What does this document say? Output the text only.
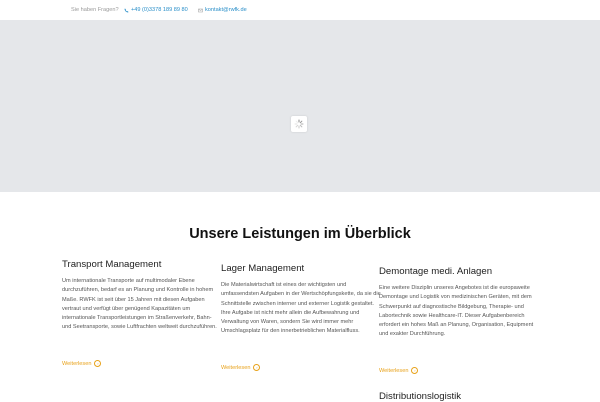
Sie haben Fragen? +49 (0)3378 189 89 80	kontakt@rwfk.de
Unsere Leistungen im Überblick
Transport Management

Um internationale Transporte auf multimodaler Ebene durchzuführen, bedarf es an Planung und Kontrolle in hohem Maße. RWFK ist seit über 15 Jahren mit diesen Aufgaben vertraut und verfügt über genügend Kapazitäten um internationale Transportleistungen im Straßenverkehr, Bahn- und Seetransporte, sowie Luftfrachten weltweit durchzuführen.

Weiterlesen	›
Lager Management

Die Materialwirtschaft ist eines der wichtigsten und umfassendsten Aufgaben in der Wertschöpfungskette, da sie die Schnittstelle zwischen interner und externer Logistik gestaltet. Ihre Aufgabe ist nicht mehr allein die Aufbewahrung und Verwaltung von Waren, sondern Sie wird immer mehr Umschlagsplatz für den innerbetrieblichen Materialfluss.

Weiterlesen	›
Demontage medi. Anlagen

Eine weitere Disziplin unseres Angebotes ist die europaweite Demontage und Logistik von medizinischen Geräten, mit dem Schwerpunkt auf diagnostische Bildgebung, Therapie- und Labortechnik sowie Healthcare-IT. Dieser Aufgabenbereich erfordert ein hohes Maß an Planung, Organisation, Equipment und exakter Durchführung.

Weiterlesen	›
Distributionslogistik
